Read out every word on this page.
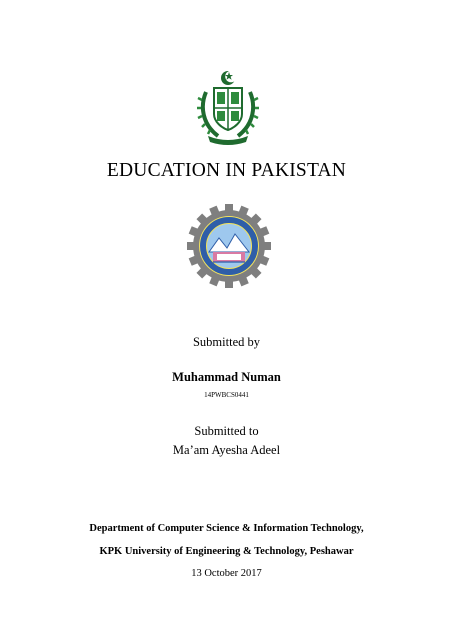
EDUCATION IN PAKISTAN
Submitted by
Muhammad Numan
14PWBCS0441
Submitted to
Ma’am Ayesha Adeel
Department of Computer Science & Information Technology,
KPK University of Engineering & Technology, Peshawar
13 October 2017
